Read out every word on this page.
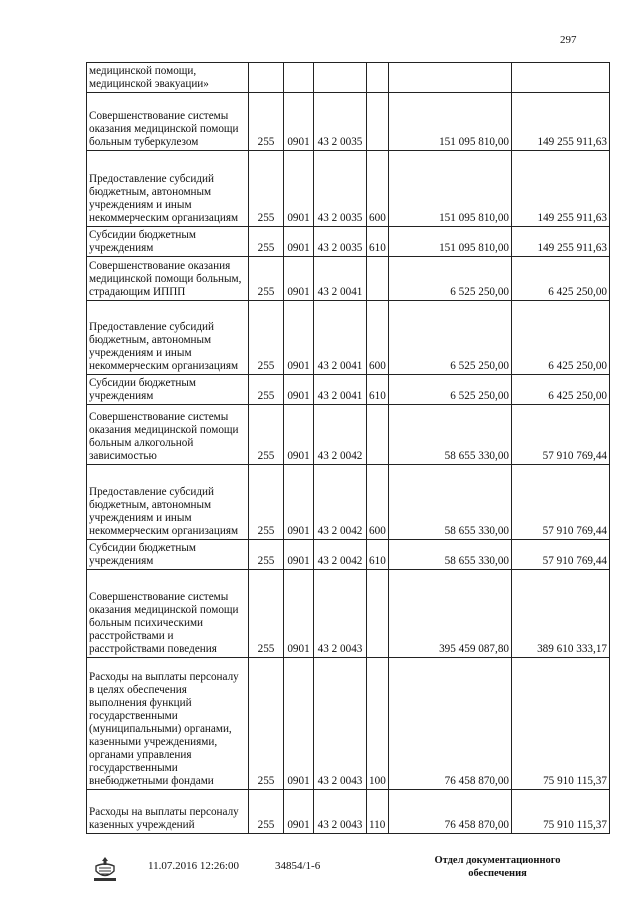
297
медицинской помощи, медицинской эвакуации»						
Совершенствование системы оказания медицинской помощи больным туберкулезом	255	0901	43 2 0035		151 095 810,00	149 255 911,63
Предоставление субсидий бюджетным, автономным учреждениям и иным некоммерческим организациям	255	0901	43 2 0035	600	151 095 810,00	149 255 911,63
Субсидии бюджетным учреждениям	255	0901	43 2 0035	610	151 095 810,00	149 255 911,63
Совершенствование оказания медицинской помощи больным, страдающим ИППП	255	0901	43 2 0041		6 525 250,00	6 425 250,00
Предоставление субсидий бюджетным, автономным учреждениям и иным некоммерческим организациям	255	0901	43 2 0041	600	6 525 250,00	6 425 250,00
Субсидии бюджетным учреждениям	255	0901	43 2 0041	610	6 525 250,00	6 425 250,00
Совершенствование системы оказания медицинской помощи больным алкогольной зависимостью	255	0901	43 2 0042		58 655 330,00	57 910 769,44
Предоставление субсидий бюджетным, автономным учреждениям и иным некоммерческим организациям	255	0901	43 2 0042	600	58 655 330,00	57 910 769,44
Субсидии бюджетным учреждениям	255	0901	43 2 0042	610	58 655 330,00	57 910 769,44
Совершенствование системы оказания медицинской помощи больным психическими расстройствами и расстройствами поведения	255	0901	43 2 0043		395 459 087,80	389 610 333,17
Расходы на выплаты персоналу в целях обеспечения выполнения функций государственными (муниципальными) органами, казенными учреждениями, органами управления государственными внебюджетными фондами	255	0901	43 2 0043	100	76 458 870,00	75 910 115,37
Расходы на выплаты персоналу казенных учреждений	255	0901	43 2 0043	110	76 458 870,00	75 910 115,37
11.07.2016 12:26:00	34854/1-6	Отдел документационного
обеспечения
